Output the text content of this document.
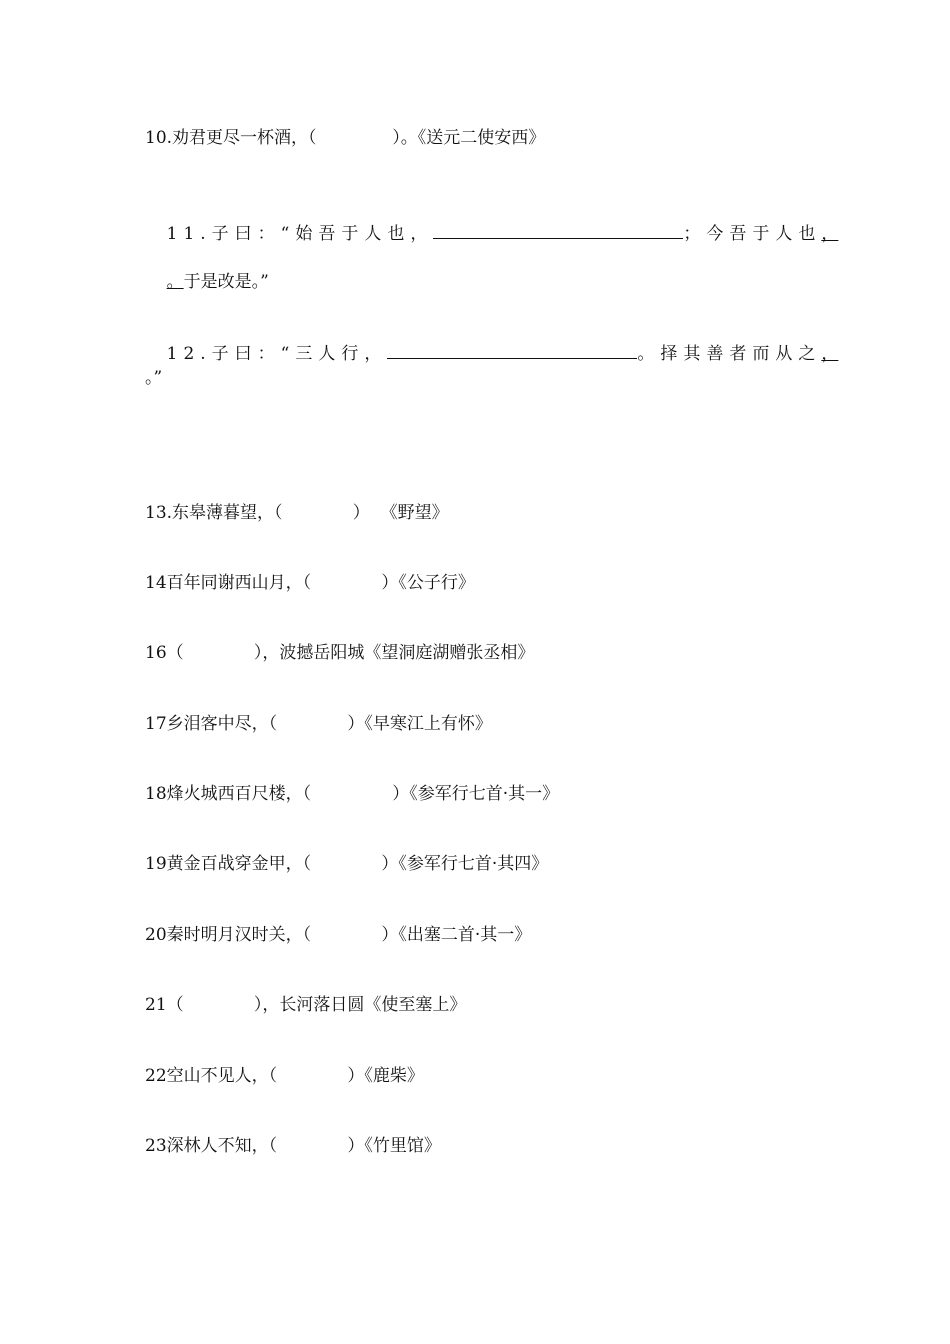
10.劝君更尽一杯酒，（              ）。《送元二使安西》

11.子曰：“始吾于人也，	；今吾于人也，

。于是改是。”

12.子曰：“三人行，	。择其善者而从之，

。”
13.东皋薄暮望，（             ）  《野望》
14百年同谢西山月，（             ）《公子行》
16（             ），波撼岳阳城《望洞庭湖赠张丞相》
17乡泪客中尽，（             ）《早寒江上有怀》
18烽火城西百尺楼，（               ）《参军行七首·其一》
19黄金百战穿金甲，（             ）《参军行七首·其四》
20秦时明月汉时关，（             ）《出塞二首·其一》
21（             ），长河落日圆《使至塞上》
22空山不见人，（             ）《鹿柴》
23深林人不知，（             ）《竹里馆》
